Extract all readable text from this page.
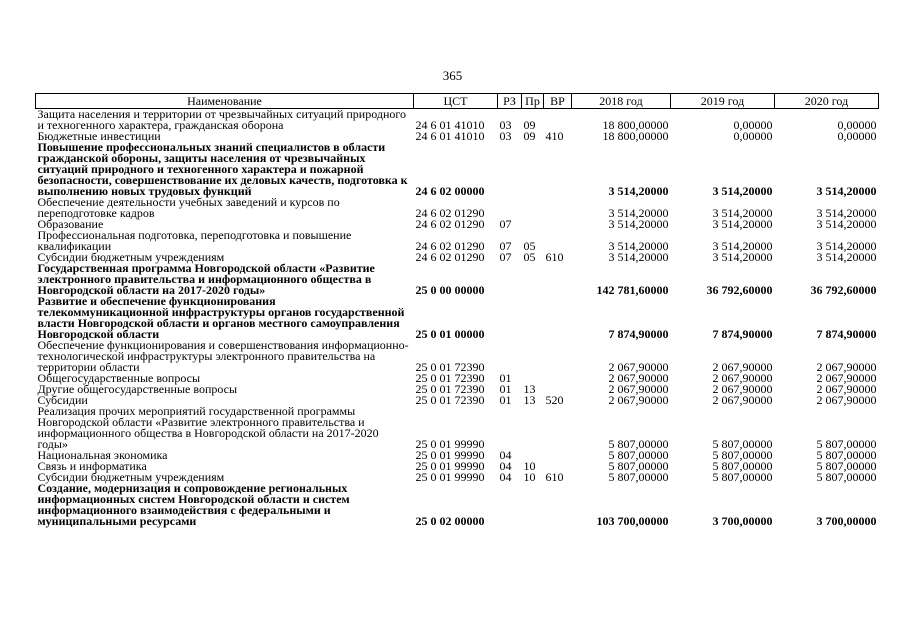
365
Наименование	ЦСТ	РЗ	Пр	ВР	2018 год	2019 год	2020 год
Защита населения и территории от чрезвычайных ситуаций природного и техногенного характера, гражданская оборона	24 6 01 41010	03	09		18 800,00000	0,00000	0,00000
Бюджетные инвестиции	24 6 01 41010	03	09	410	18 800,00000	0,00000	0,00000
Повышение профессиональных знаний специалистов в области гражданской обороны, защиты населения от чрезвычайных ситуаций природного и техногенного характера и пожарной безопасности, совершенствование их деловых качеств, подготовка к выполнению новых трудовых функций	24 6 02 00000				3 514,20000	3 514,20000	3 514,20000
Обеспечение деятельности учебных заведений и курсов по переподготовке кадров	24 6 02 01290				3 514,20000	3 514,20000	3 514,20000
Образование	24 6 02 01290	07			3 514,20000	3 514,20000	3 514,20000
Профессиональная подготовка, переподготовка и повышение квалификации	24 6 02 01290	07	05		3 514,20000	3 514,20000	3 514,20000
Субсидии бюджетным учреждениям	24 6 02 01290	07	05	610	3 514,20000	3 514,20000	3 514,20000
Государственная программа Новгородской области «Развитие электронного правительства и информационного общества в Новгородской области на 2017-2020 годы»	25 0 00 00000				142 781,60000	36 792,60000	36 792,60000
Развитие и обеспечение функционирования телекоммуникационной инфраструктуры органов государственной власти Новгородской области и органов местного самоуправления Новгородской области	25 0 01 00000				7 874,90000	7 874,90000	7 874,90000
Обеспечение функционирования и совершенствования информационно- технологической инфраструктуры электронного правительства на территории области	25 0 01 72390				2 067,90000	2 067,90000	2 067,90000
Общегосударственные вопросы	25 0 01 72390	01			2 067,90000	2 067,90000	2 067,90000
Другие общегосударственные вопросы	25 0 01 72390	01	13		2 067,90000	2 067,90000	2 067,90000
Субсидии	25 0 01 72390	01	13	520	2 067,90000	2 067,90000	2 067,90000
Реализация прочих мероприятий государственной программы Новгородской области «Развитие электронного правительства и информационного общества в Новгородской области на 2017-2020 годы»	25 0 01 99990				5 807,00000	5 807,00000	5 807,00000
Национальная экономика	25 0 01 99990	04			5 807,00000	5 807,00000	5 807,00000
Связь и информатика	25 0 01 99990	04	10		5 807,00000	5 807,00000	5 807,00000
Субсидии бюджетным учреждениям	25 0 01 99990	04	10	610	5 807,00000	5 807,00000	5 807,00000
Создание, модернизация и сопровождение региональных информационных систем Новгородской области и систем информационного взаимодействия с федеральными и муниципальными ресурсами	25 0 02 00000				103 700,00000	3 700,00000	3 700,00000
